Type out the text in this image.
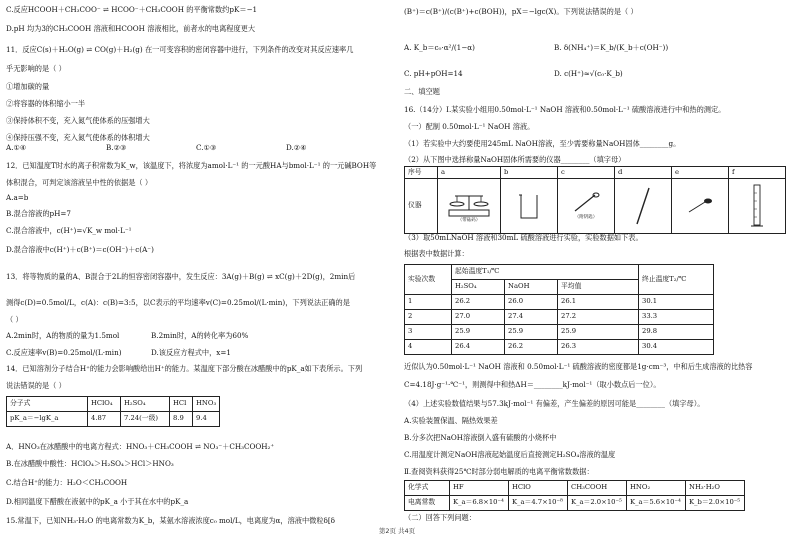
C.反应HCOOH＋CH₃COO⁻ ⇌ HCOO⁻＋CH₃COOH 的平衡常数约pK＝−1
D.pH 均为3的CH₃COOH 溶液和HCOOH 溶液相比，前者水的电离程度更大
11．反应C(s)＋H₂O(g) ⇌ CO(g)＋H₂(g) 在一可变容积的密闭容器中进行，下列条件的改变对其反应速率几
乎无影响的是（ ）
①增加碳的量
②将容器的体积缩小一半
③保持体积不变，充入氮气使体系的压强增大
④保持压强不变，充入氮气使体系的体积增大
A.①④	B.②③	C.①③	D.②④
12．已知温度T时水的离子积常数为K_w，该温度下，将浓度为amol·L⁻¹ 的一元酸HA与bmol·L⁻¹ 的一元碱BOH等
体积混合，可判定该溶液呈中性的依据是（ ）
A.a=b
B.混合溶液的pH=7
C.混合溶液中，c(H⁺)=√K_w mol·L⁻¹
D.混合溶液中c(H⁺)＋c(B⁺)＝c(OH⁻)＋c(A⁻)
13．将等物质的量的A、B混合于2L的恒容密闭容器中，发生反应：3A(g)＋B(g) ⇌ xC(g)＋2D(g)，2min后
测得c(D)=0.5mol/L，c(A)：c(B)=3:5，以C表示的平均速率v(C)=0.25mol/(L·min)，下列说法正确的是
（ ）
A.2min时，A的物质的量为1.5mol	B.2min时，A的转化率为60%
C.反应速率v(B)=0.25mol/(L·min)	D.该反应方程式中，x=1
14．已知溶剂分子结合H⁺的能力会影响酸给出H⁺的能力。某温度下部分酸在冰醋酸中的pK_a如下表所示。下列
说法错误的是（ ）
分子式	HClO₄	H₂SO₄	HCl	HNO₃
pK_a＝−lgK_a	4.87	7.24(一级)	8.9	9.4
A．HNO₃在冰醋酸中的电离方程式：HNO₃＋CH₃COOH ⇌ NO₃⁻＋CH₃COOH₂⁺
B.在冰醋酸中酸性：HClO₄＞H₂SO₄＞HCl＞HNO₃
C.结合H⁺的能力：H₂O＜CH₃COOH
D.相同温度下醋酸在液氨中的pK_a 小于其在水中的pK_a
15.常温下，已知NH₃·H₂O 的电离常数为K_b，某氨水溶液浓度c₀ mol/L，电离度为α，溶液中微粒δ[δ
(B⁺)＝c(B⁺)/(c(B⁺)+c(BOH))，pX＝−lgc(X)。下列说法错误的是（ ）
A. K_b＝c₀·α²/(1−α)	B. δ(NH₄⁺)＝K_b/(K_b＋c(OH⁻))
C. pH+pOH=14	D. c(H⁺)≈√(c₀·K_b)
二、填空题
16.（14分）Ⅰ.某实验小组用0.50mol·L⁻¹ NaOH 溶液和0.50mol·L⁻¹ 硫酸溶液进行中和热的测定。
（一）配制 0.50mol·L⁻¹ NaOH 溶液。
（1）若实验中大约要使用245mL NaOH溶液，至少需要称量NaOH固体________g。
（2）从下图中选择称量NaOH固体所需要的仪器________（填字母）
序号	a	b	c	d	e	f
仪器	（带砝码）		（附钥匙）

（3）取50mLNaOH 溶液和30mL 硫酸溶液进行实验，实验数据如下表。
根据表中数据计算：
实验次数	起始温度T₁/℃			终止温度T₂/℃
	H₂SO₄	NaOH	平均值	
1	26.2	26.0	26.1	30.1
2	27.0	27.4	27.2	33.3
3	25.9	25.9	25.9	29.8
4	26.4	26.2	26.3	30.4
近似认为0.50mol·L⁻¹ NaOH 溶液和 0.50mol·L⁻¹ 硫酸溶液的密度都是1g·cm⁻³，中和后生成溶液的比热容
C=4.18J·g⁻¹·℃⁻¹，则测得中和热ΔH＝________kJ·mol⁻¹（取小数点后一位）。
（4）上述实验数值结果与57.3kJ·mol⁻¹ 有偏差，产生偏差的原因可能是________（填字母）。
A.实验装置保温、隔热效果差
B.分多次把NaOH溶液倒入盛有硫酸的小烧杯中
C.用温度计测定NaOH溶液起始温度后直接测定H₂SO₄溶液的温度
Ⅱ.查阅资料获得25℃时部分弱电解质的电离平衡常数数据：
化学式	HF	HClO	CH₃COOH	HNO₂	NH₃·H₂O
电离常数	K_a＝6.8×10⁻⁴	K_a＝4.7×10⁻⁸	K_a＝2.0×10⁻⁵	K_a＝5.6×10⁻⁴	K_b＝2.0×10⁻⁵
（二）回答下列问题：
第2页 共4页
